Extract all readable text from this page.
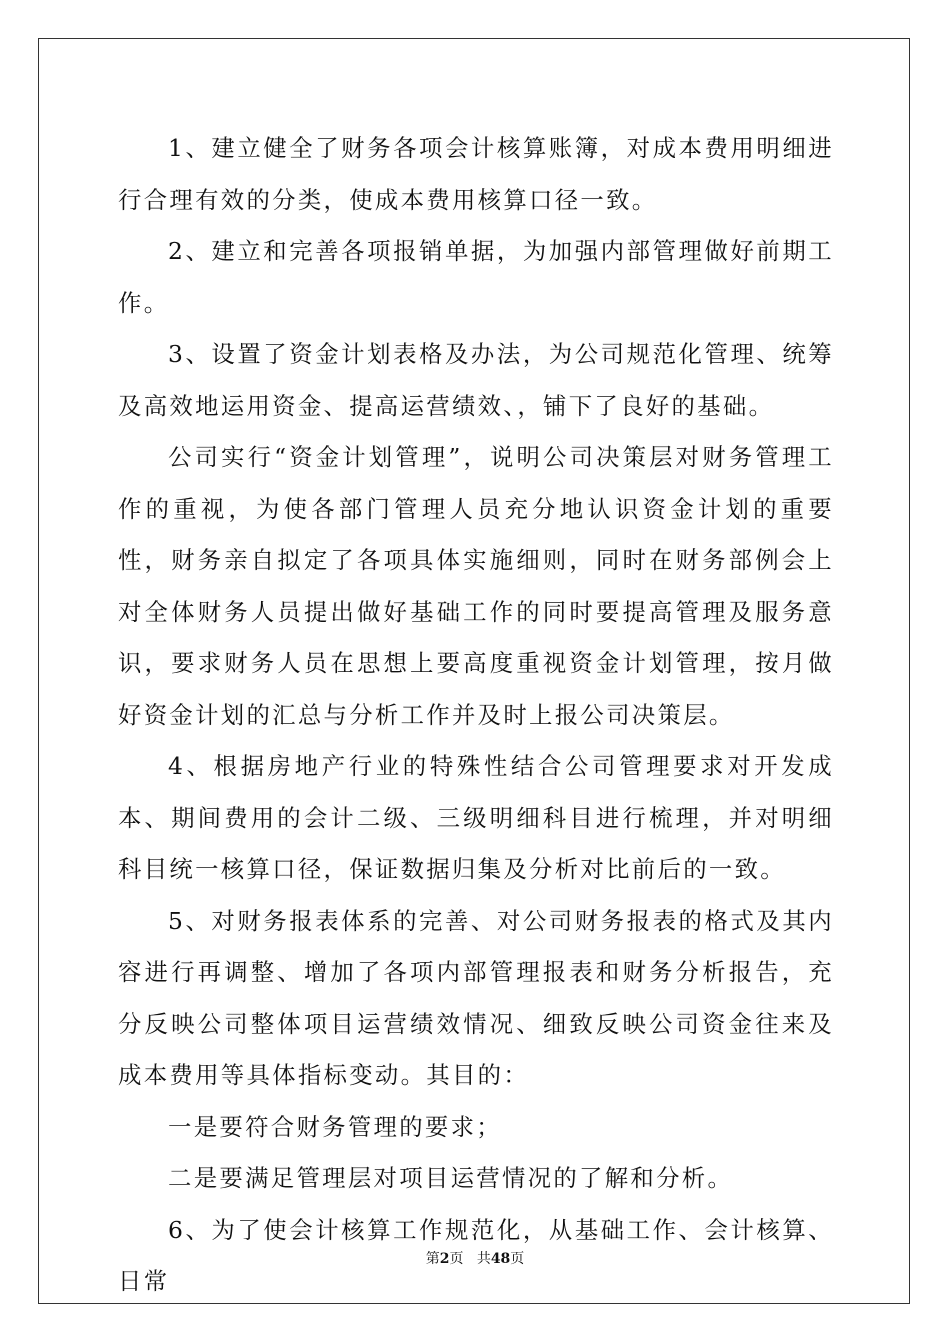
1、建立健全了财务各项会计核算账簿，对成本费用明细进行合理有效的分类，使成本费用核算口径一致。

2、建立和完善各项报销单据，为加强内部管理做好前期工作。

3、设置了资金计划表格及办法，为公司规范化管理、统筹及高效地运用资金、提高运营绩效、，铺下了良好的基础。

公司实行“资金计划管理”，说明公司决策层对财务管理工作的重视，为使各部门管理人员充分地认识资金计划的重要性，财务亲自拟定了各项具体实施细则，同时在财务部例会上对全体财务人员提出做好基础工作的同时要提高管理及服务意识，要求财务人员在思想上要高度重视资金计划管理，按月做好资金计划的汇总与分析工作并及时上报公司决策层。

4、根据房地产行业的特殊性结合公司管理要求对开发成本、期间费用的会计二级、三级明细科目进行梳理，并对明细科目统一核算口径，保证数据归集及分析对比前后的一致。

5、对财务报表体系的完善、对公司财务报表的格式及其内容进行再调整、增加了各项内部管理报表和财务分析报告，充分反映公司整体项目运营绩效情况、细致反映公司资金往来及成本费用等具体指标变动。其目的：

一是要符合财务管理的要求；

二是要满足管理层对项目运营情况的了解和分析。

6、为了使会计核算工作规范化，从基础工作、会计核算、日常

第2页 共48页
